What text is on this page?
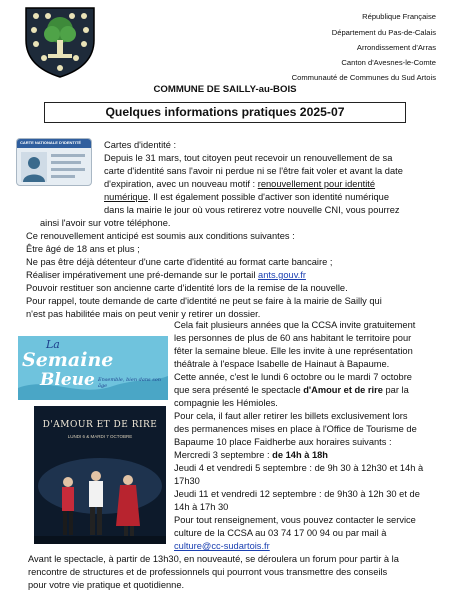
République Française
Département du Pas-de-Calais
Arrondissement d'Arras
Canton d'Avesnes-le-Comte
Communauté de Communes du Sud Artois
COMMUNE DE SAILLY-au-BOIS
Quelques informations pratiques 2025-07
CARTE NATIONALE D'IDENTITÉ Cartes d'identité :
Depuis le 31 mars, tout citoyen peut recevoir un renouvellement de sa
carte d'identité sans l'avoir ni perdue ni se l'être fait voler et avant la date
d'expiration, avec un nouveau motif : renouvellement pour identité
numérique. Il est également possible d'activer son identité numérique
dans la mairie le jour où vous retirerez votre nouvelle CNI, vous pourrez
ainsi l'avoir sur votre téléphone.
Ce renouvellement anticipé est soumis aux conditions suivantes :
Être âgé de 18 ans et plus ;
Ne pas être déjà détenteur d'une carte d'identité au format carte bancaire ;
Réaliser impérativement une pré-demande sur le portail ants.gouv.fr
Pouvoir restituer son ancienne carte d'identité lors de la remise de la nouvelle.
Pour rappel, toute demande de carte d'identité ne peut se faire à la mairie de Sailly qui
n'est pas habilitée mais on peut venir y retirer un dossier.
La
Semaine
Bleue Ensemble, bien dans son âge
Cela fait plusieurs années que la CCSA invite gratuitement
les personnes de plus de 60 ans habitant le territoire pour
fêter la semaine bleue. Elle les invite à une représentation
théâtrale à l'espace Isabelle de Hainaut à Bapaume.
Cette année, c'est le lundi 6 octobre ou le mardi 7 octobre
que sera présenté le spectacle d'Amour et de rire par la
compagnie les Hémioles.
D'AMOUR ET DE RIRE
LUNDI 6 & MARDI 7 OCTOBRE
Pour cela, il faut aller retirer les billets exclusivement lors
des permanences mises en place à l'Office de Tourisme de
Bapaume 10 place Faidherbe aux horaires suivants :
Mercredi 3 septembre : de 14h à 18h
Jeudi 4 et vendredi 5 septembre : de 9h 30 à 12h30 et 14h à
17h30
Jeudi 11 et vendredi 12 septembre : de 9h30 à 12h 30 et de
14h à 17h 30
Pour tout renseignement, vous pouvez contacter le service
culture de la CCSA au 03 74 17 00 94 ou par mail à
culture@cc-sudartois.fr
Avant le spectacle, à partir de 13h30, en nouveauté, se déroulera un forum pour partir à la
rencontre de structures et de professionnels qui pourront vous transmettre des conseils
pour votre vie pratique et quotidienne.
